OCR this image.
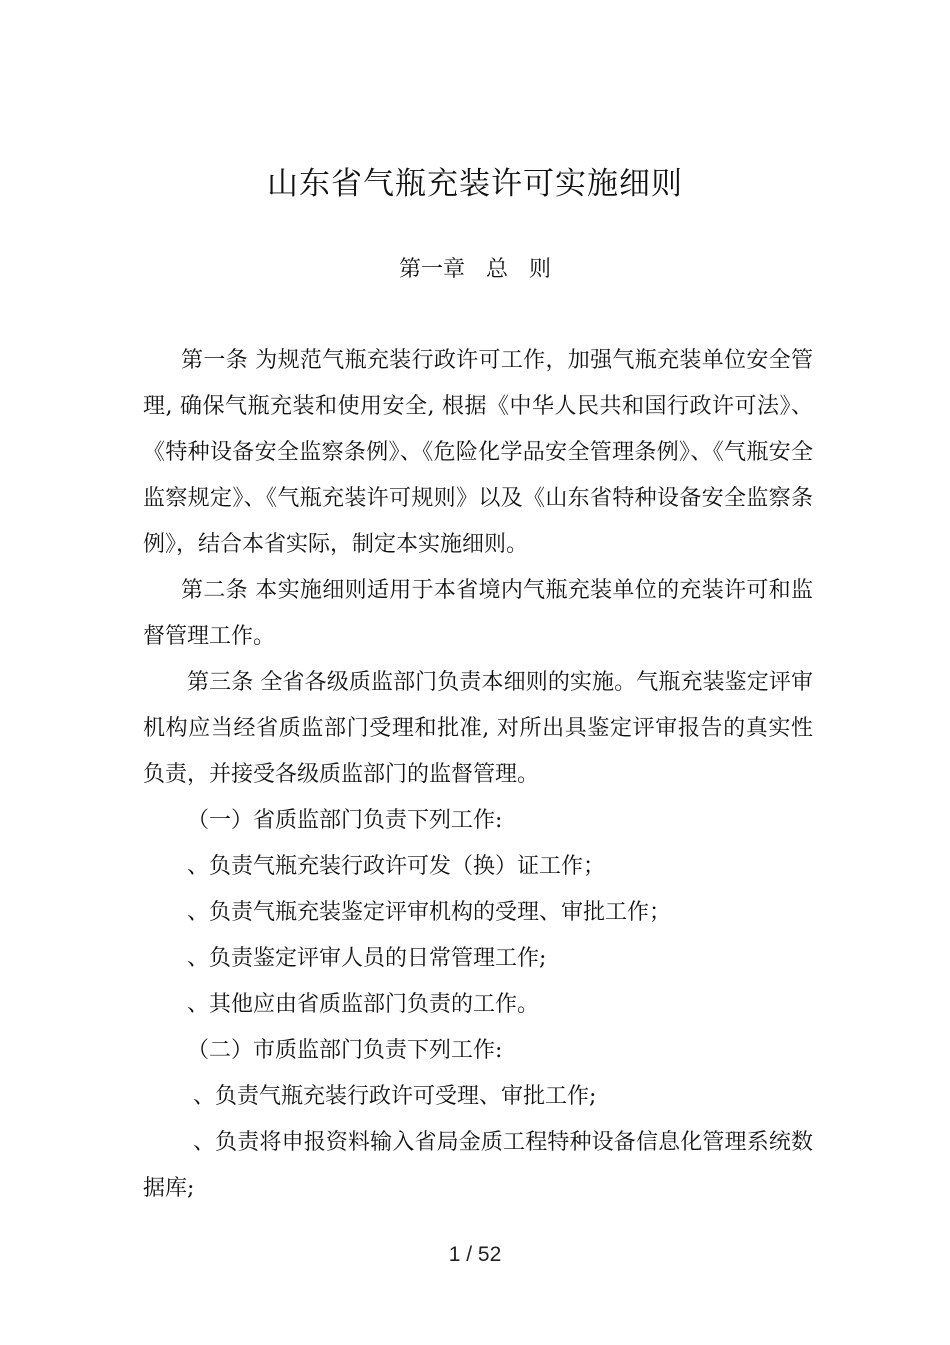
山东省气瓶充装许可实施细则
第一章   总   则

第一条 为规范气瓶充装行政许可工作，加强气瓶充装单位安全管理, 确保气瓶充装和使用安全, 根据《中华人民共和国行政许可法》、《特种设备安全监察条例》、《危险化学品安全管理条例》、《气瓶安全监察规定》、《气瓶充装许可规则》以及《山东省特种设备安全监察条例》，结合本省实际，制定本实施细则。

第二条 本实施细则适用于本省境内气瓶充装单位的充装许可和监督管理工作。

第三条 全省各级质监部门负责本细则的实施。气瓶充装鉴定评审机构应当经省质监部门受理和批准, 对所出具鉴定评审报告的真实性负责，并接受各级质监部门的监督管理。

（一）省质监部门负责下列工作:

、负责气瓶充装行政许可发（换）证工作；

、负责气瓶充装鉴定评审机构的受理、审批工作；

、负责鉴定评审人员的日常管理工作;

、其他应由省质监部门负责的工作。

（二）市质监部门负责下列工作:

、负责气瓶充装行政许可受理、审批工作;

、负责将申报资料输入省局金质工程特种设备信息化管理系统数据库;

1 / 52
